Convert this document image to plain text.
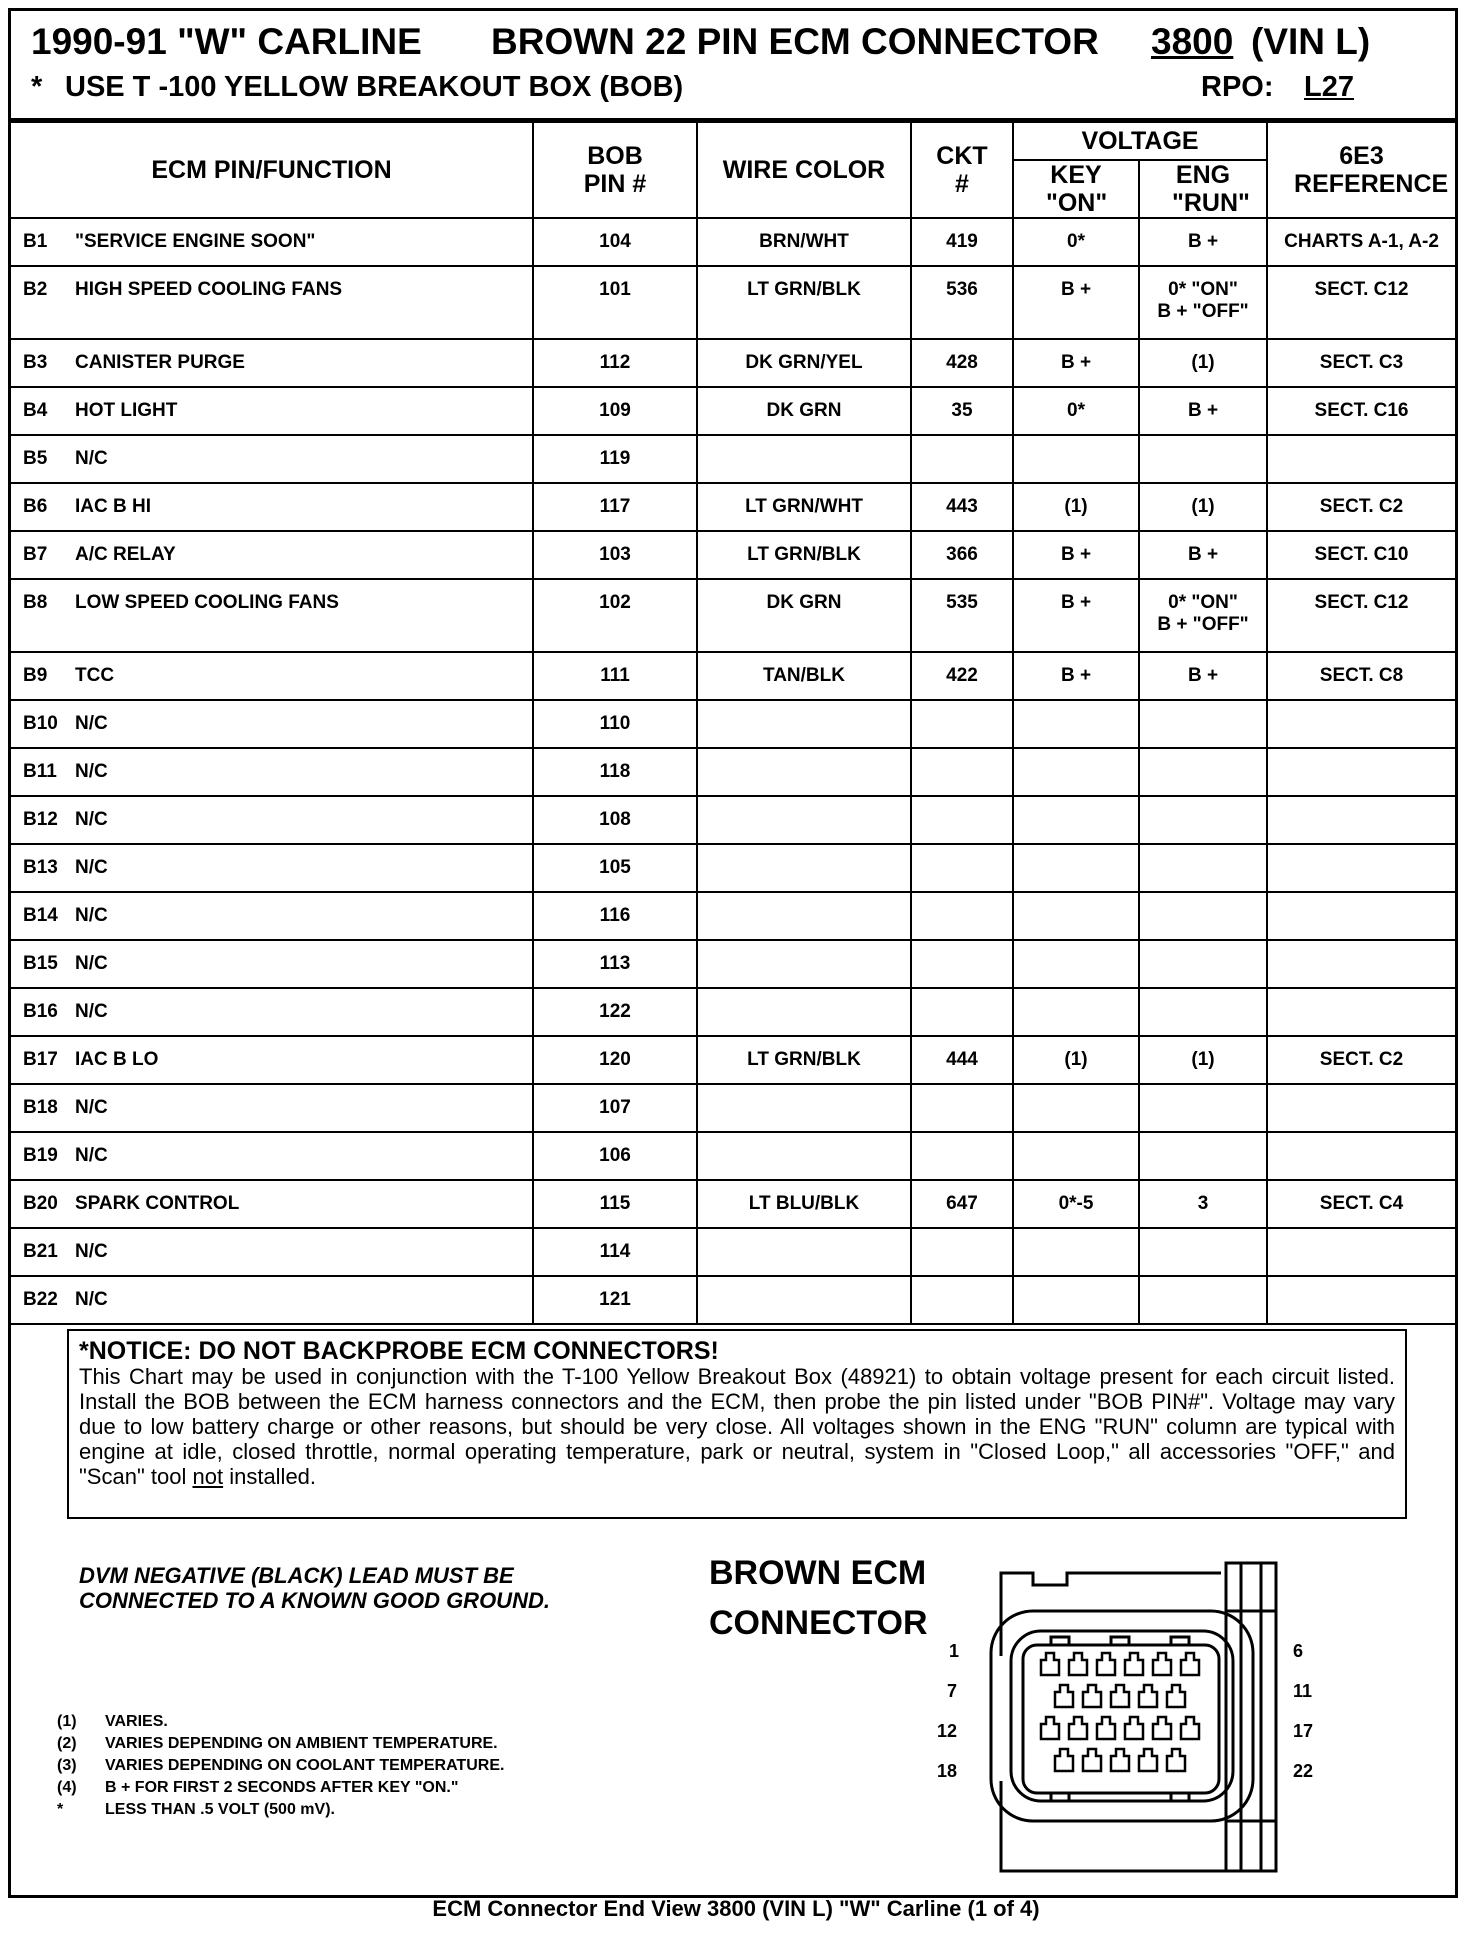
1990-91 "W" CARLINE BROWN 22 PIN ECM CONNECTOR 3800 (VIN L)
* USE T -100 YELLOW BREAKOUT BOX (BOB)	RPO: L27
ECM PIN/FUNCTION	BOB PIN #	WIRE COLOR	CKT #	VOLTAGE		6E3 REFERENCE
				KEY "ON"	ENG "RUN"	
B1 "SERVICE ENGINE SOON"	104	BRN/WHT	419	0*	B +	CHARTS A-1, A-2
B2 HIGH SPEED COOLING FANS	101	LT GRN/BLK	536	B +	0* "ON"
B + "OFF"	SECT. C12
B3 CANISTER PURGE	112	DK GRN/YEL	428	B +	(1)	SECT. C3
B4 HOT LIGHT	109	DK GRN	35	0*	B +	SECT. C16
B5 N/C	119					
B6 IAC B HI	117	LT GRN/WHT	443	(1)	(1)	SECT. C2
B7 A/C RELAY	103	LT GRN/BLK	366	B +	B +	SECT. C10
B8 LOW SPEED COOLING FANS	102	DK GRN	535	B +	0* "ON"
B + "OFF"	SECT. C12
B9 TCC	111	TAN/BLK	422	B +	B +	SECT. C8
B10 N/C	110					
B11 N/C	118					
B12 N/C	108					
B13 N/C	105					
B14 N/C	116					
B15 N/C	113					
B16 N/C	122					
B17 IAC B LO	120	LT GRN/BLK	444	(1)	(1)	SECT. C2
B18 N/C	107					
B19 N/C	106					
B20 SPARK CONTROL	115	LT BLU/BLK	647	0*-5	3	SECT. C4
B21 N/C	114					
B22 N/C	121					
*NOTICE: DO NOT BACKPROBE ECM CONNECTORS!
This Chart may be used in conjunction with the T-100 Yellow Breakout Box (48921) to obtain voltage present for each circuit listed. Install the BOB between the ECM harness connectors and the ECM, then probe the pin listed under "BOB PIN#". Voltage may vary due to low battery charge or other reasons, but should be very close. All voltages shown in the ENG "RUN" column are typical with engine at idle, closed throttle, normal operating temperature, park or neutral, system in "Closed Loop," all accessories "OFF," and "Scan" tool not installed.
DVM NEGATIVE (BLACK) LEAD MUST BE
CONNECTED TO A KNOWN GOOD GROUND.
BROWN ECM
CONNECTOR
1
7
12
18
6
11
17
22
(1)	VARIES.
(2)	VARIES DEPENDING ON AMBIENT TEMPERATURE.
(3)	VARIES DEPENDING ON COOLANT TEMPERATURE.
(4)	B + FOR FIRST 2 SECONDS AFTER KEY "ON."
*	LESS THAN .5 VOLT (500 mV).
ECM Connector End View 3800 (VIN L) "W" Carline (1 of 4)
